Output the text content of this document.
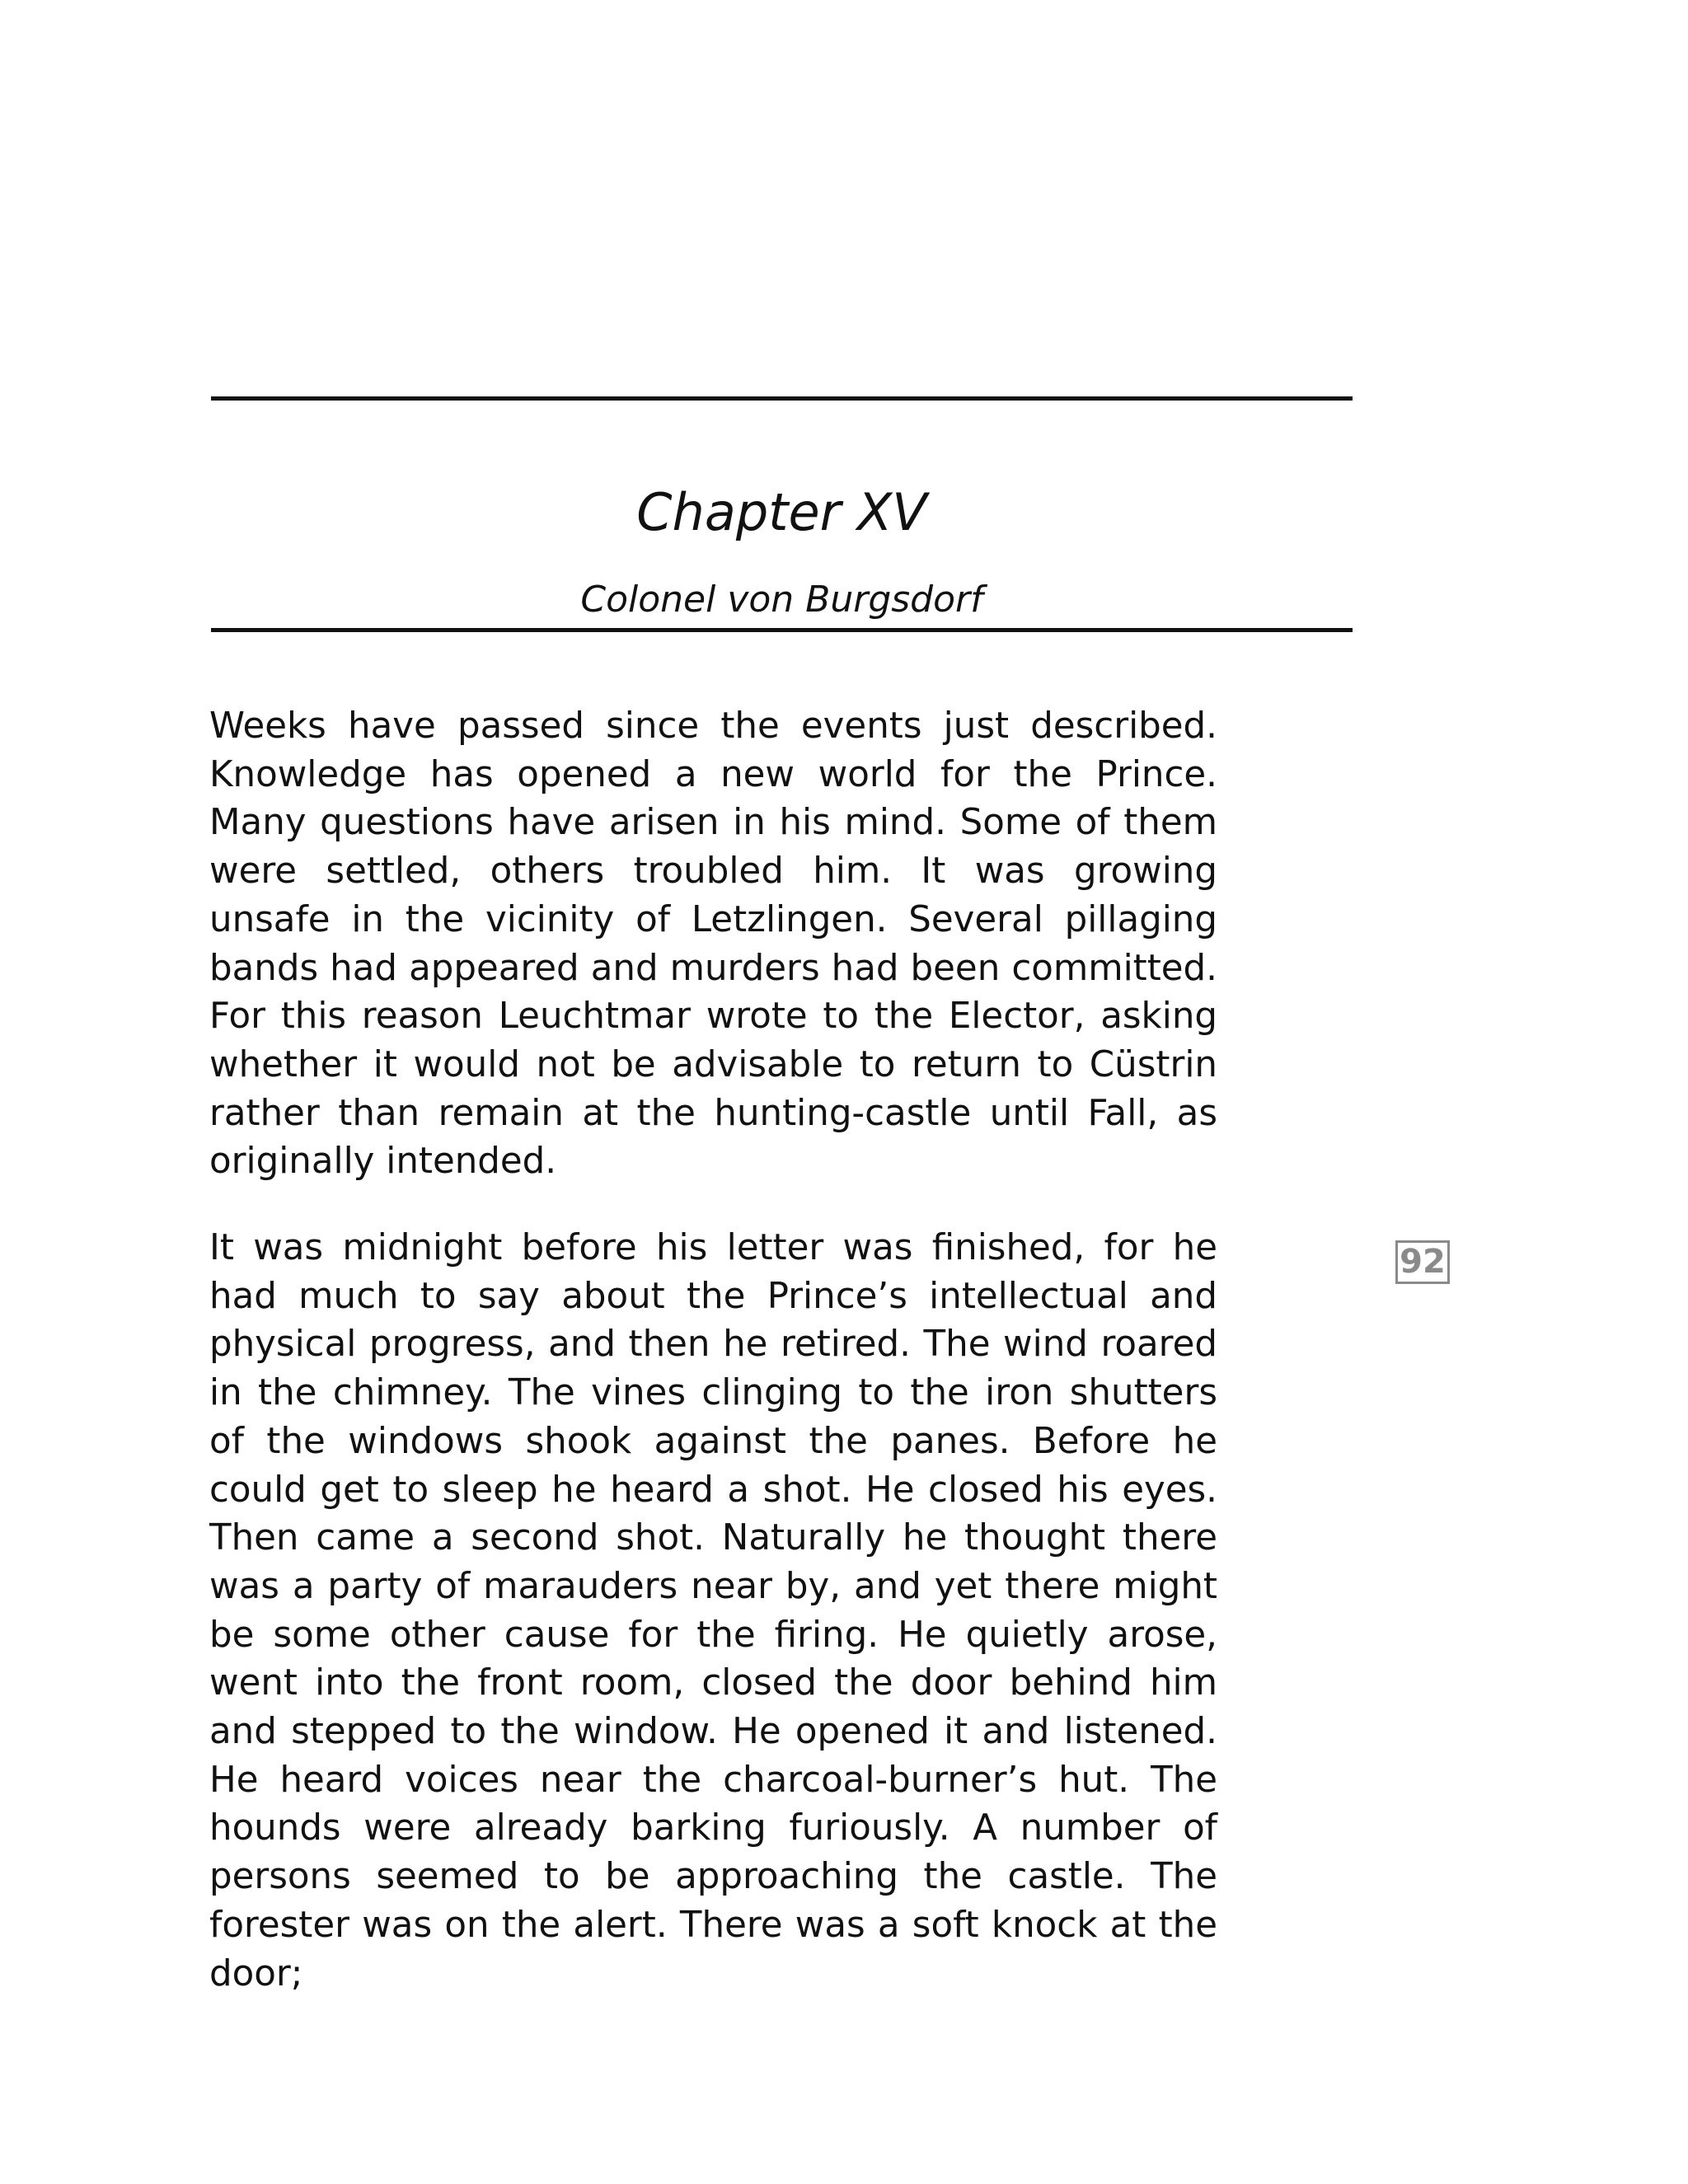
Chapter XV
Colonel von Burgsdorf

Weeks have passed since the events just described. Knowledge has opened a new world for the Prince. Many questions have arisen in his mind. Some of them were settled, others troubled him. It was growing unsafe in the vicinity of Letzlingen. Several pillaging bands had appeared and murders had been committed. For this reason Leuchtmar wrote to the Elector, asking whether it would not be advisable to return to Cüstrin rather than remain at the hunting-castle until Fall, as originally intended.

It was midnight before his letter was finished, for he had much to say about the Prince’s intellectual and physical progress, and then he retired. The wind roared in the chimney. The vines clinging to the iron shutters of the windows shook against the panes. Before he could get to sleep he heard a shot. He closed his eyes. Then came a second shot. Naturally he thought there was a party of marauders near by, and yet there might be some other cause for the firing. He quietly arose, went into the front room, closed the door behind him and stepped to the window. He opened it and listened. He heard voices near the charcoal-burner’s hut. The hounds were already barking furiously. A number of persons seemed to be approaching the castle. The forester was on the alert. There was a soft knock at the door;

92
